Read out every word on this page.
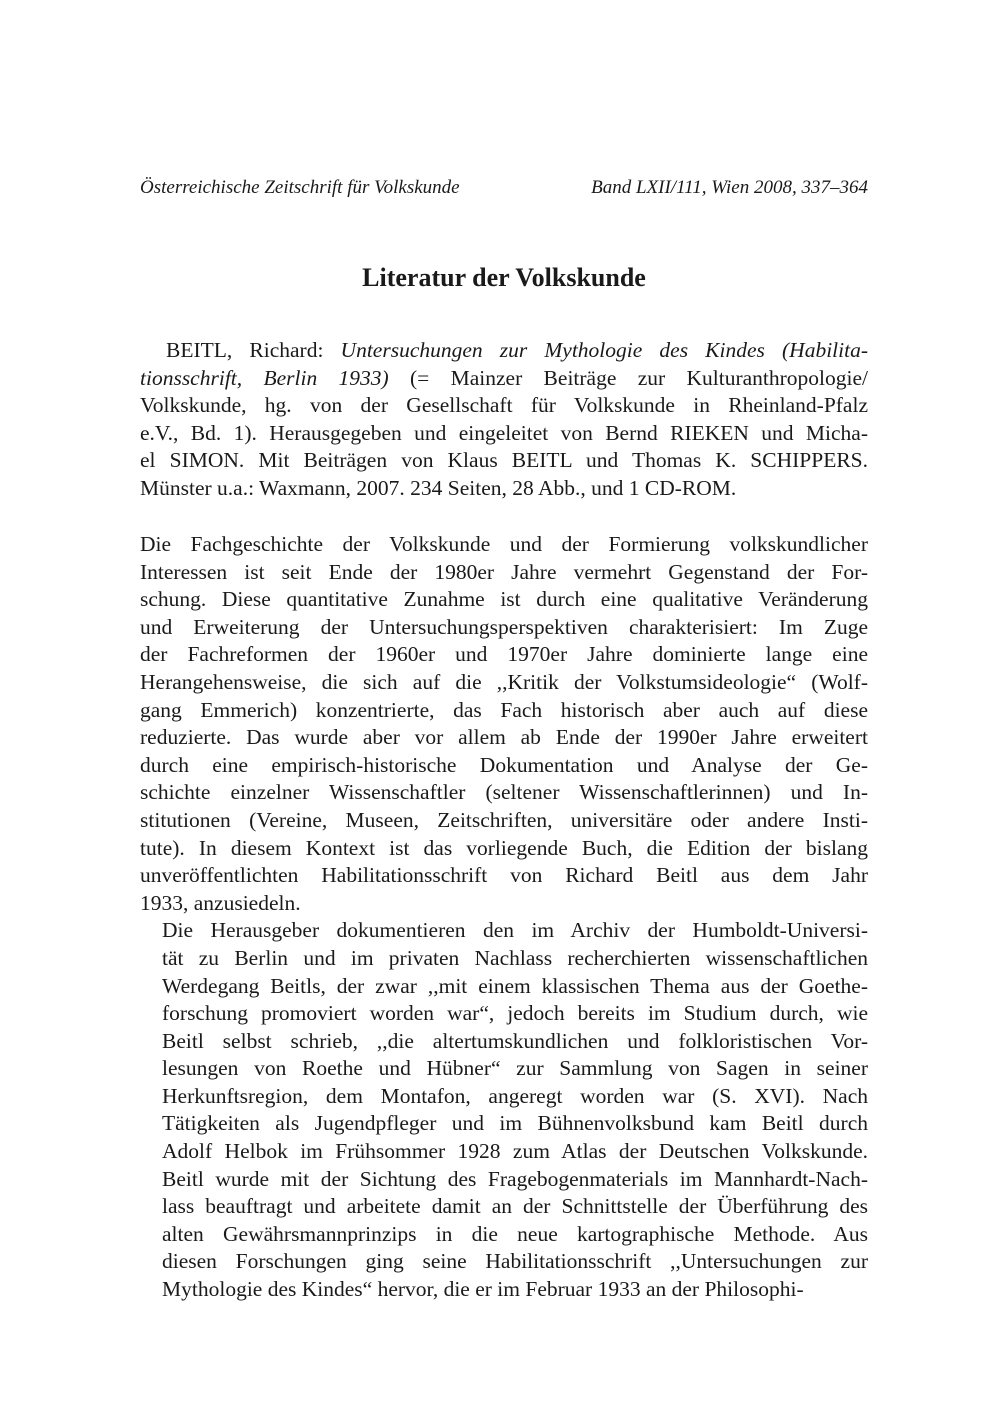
Österreichische Zeitschrift für Volkskunde	Band LXII/111, Wien 2008, 337–364
Literatur der Volkskunde
BEITL, Richard: Untersuchungen zur Mythologie des Kindes (Habilita-
tionsschrift, Berlin 1933) (= Mainzer Beiträge zur Kulturanthropologie/
Volkskunde, hg. von der Gesellschaft für Volkskunde in Rheinland-Pfalz
e.V., Bd. 1). Herausgegeben und eingeleitet von Bernd RIEKEN und Micha-
el SIMON. Mit Beiträgen von Klaus BEITL und Thomas K. SCHIPPERS.
Münster u.a.: Waxmann, 2007. 234 Seiten, 28 Abb., und 1 CD-ROM.

Die Fachgeschichte der Volkskunde und der Formierung volkskundlicher
Interessen ist seit Ende der 1980er Jahre vermehrt Gegenstand der For-
schung. Diese quantitative Zunahme ist durch eine qualitative Veränderung
und Erweiterung der Untersuchungsperspektiven charakterisiert: Im Zuge
der Fachreformen der 1960er und 1970er Jahre dominierte lange eine
Herangehensweise, die sich auf die ,,Kritik der Volkstumsideologie“ (Wolf-
gang Emmerich) konzentrierte, das Fach historisch aber auch auf diese
reduzierte. Das wurde aber vor allem ab Ende der 1990er Jahre erweitert
durch eine empirisch-historische Dokumentation und Analyse der Ge-
schichte einzelner Wissenschaftler (seltener Wissenschaftlerinnen) und In-
stitutionen (Vereine, Museen, Zeitschriften, universitäre oder andere Insti-
tute). In diesem Kontext ist das vorliegende Buch, die Edition der bislang
unveröffentlichten Habilitationsschrift von Richard Beitl aus dem Jahr
1933, anzusiedeln.

Die Herausgeber dokumentieren den im Archiv der Humboldt-Universi-
tät zu Berlin und im privaten Nachlass recherchierten wissenschaftlichen
Werdegang Beitls, der zwar ,,mit einem klassischen Thema aus der Goethe-
forschung promoviert worden war“, jedoch bereits im Studium durch, wie
Beitl selbst schrieb, ,,die altertumskundlichen und folkloristischen Vor-
lesungen von Roethe und Hübner“ zur Sammlung von Sagen in seiner
Herkunftsregion, dem Montafon, angeregt worden war (S. XVI). Nach
Tätigkeiten als Jugendpfleger und im Bühnenvolksbund kam Beitl durch
Adolf Helbok im Frühsommer 1928 zum Atlas der Deutschen Volkskunde.
Beitl wurde mit der Sichtung des Fragebogenmaterials im Mannhardt-Nach-
lass beauftragt und arbeitete damit an der Schnittstelle der Überführung des
alten Gewährsmannprinzips in die neue kartographische Methode. Aus
diesen Forschungen ging seine Habilitationsschrift ,,Untersuchungen zur
Mythologie des Kindes“ hervor, die er im Februar 1933 an der Philosophi-
